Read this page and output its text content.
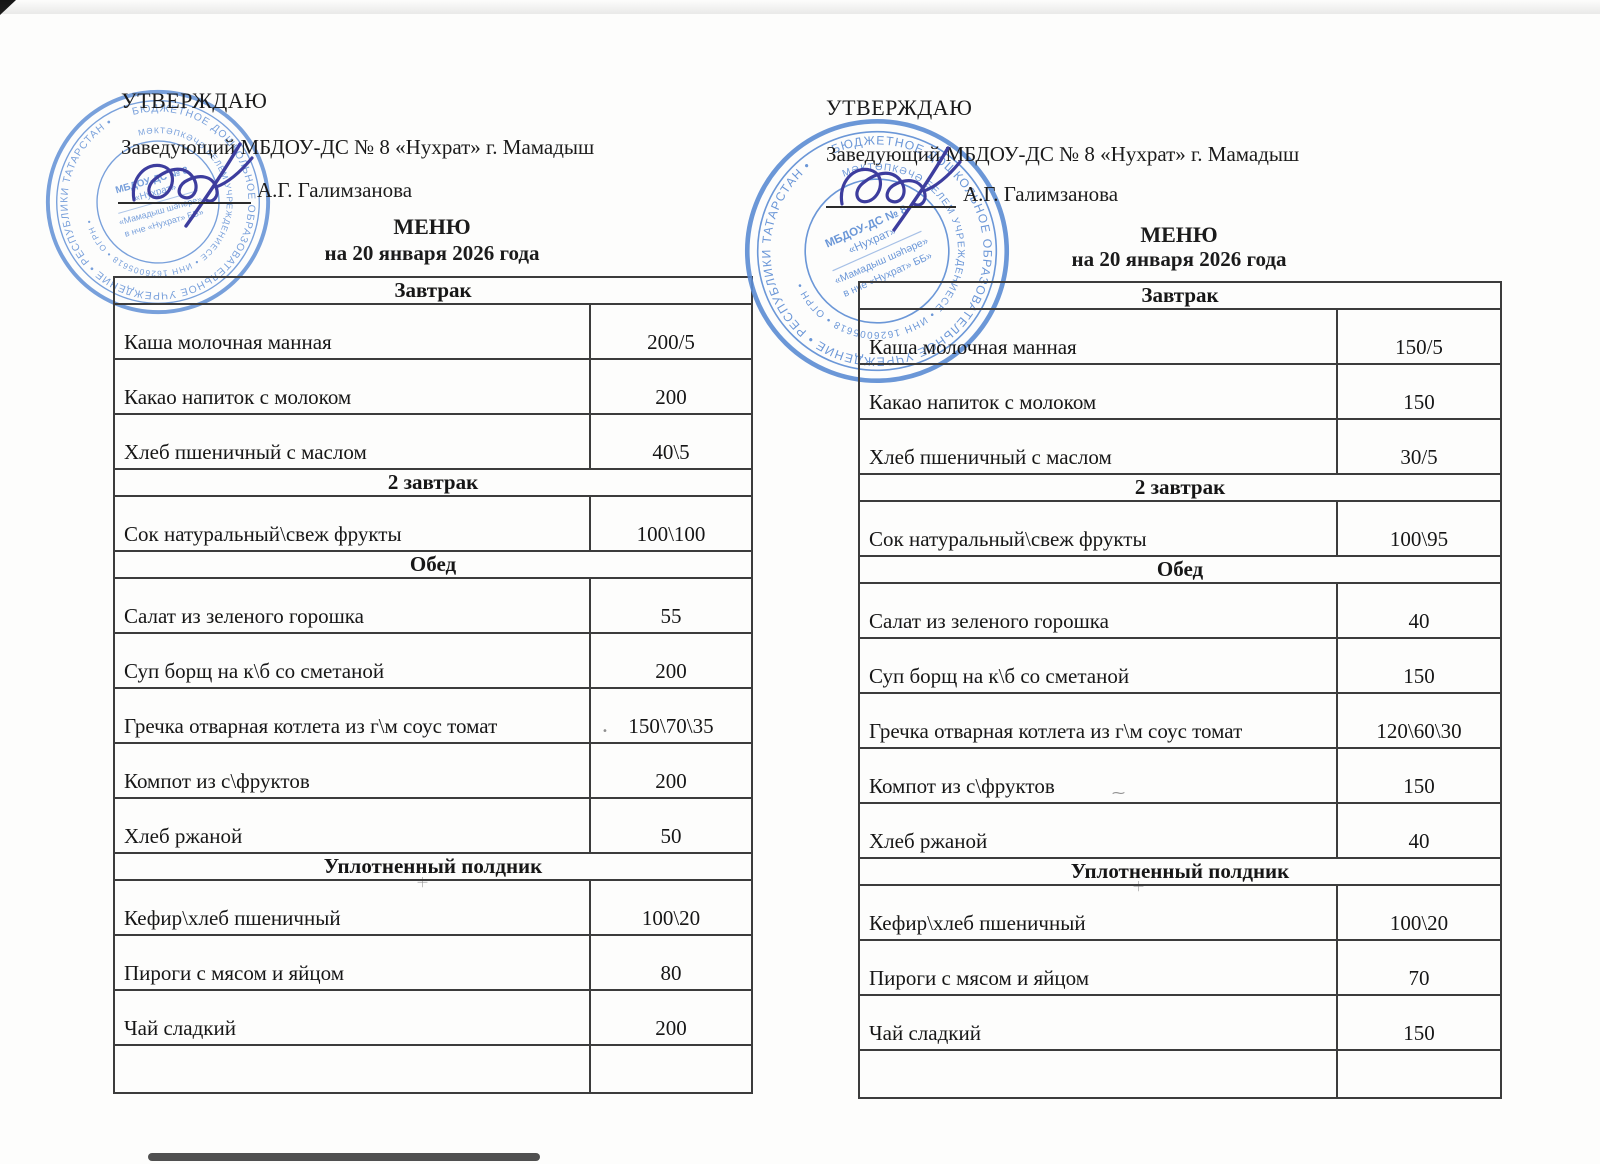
＋	＋
⁓
•
УТВЕРЖДАЮ
Заведующий МБДОУ-ДС № 8 «Нухрат» г. Мамадыш
А.Г. Галимзанова
МЕНЮ
на 20 января 2026 года
Завтрак	
Каша молочная манная	200/5
Какао напиток с молоком	200
Хлеб пшеничный с маслом	40\5
2 завтрак	
Сок натуральный\свеж фрукты	100\100
Обед	
Салат из зеленого горошка	55
Суп борщ на к\б со сметаной	200
Гречка отварная котлета из г\м соус томат	150\70\35
Компот из с\фруктов	200
Хлеб ржаной	50
Уплотненный полдник	
Кефир\хлеб пшеничный	100\20
Пироги с мясом и яйцом	80
Чай сладкий	200

УТВЕРЖДАЮ
Заведующий МБДОУ-ДС № 8 «Нухрат» г. Мамадыш
А.Г. Галимзанова
МЕНЮ
на 20 января 2026 года
Завтрак	
Каша молочная манная	150/5
Какао напиток с молоком	150
Хлеб пшеничный с маслом	30/5
2 завтрак	
Сок натуральный\свеж фрукты	100\95
Обед	
Салат из зеленого горошка	40
Суп борщ на к\б со сметаной	150
Гречка отварная котлета из г\м соус томат	120\60\30
Компот из с\фруктов	150
Хлеб ржаной	40
Уплотненный полдник	
Кефир\хлеб пшеничный	100\20
Пироги с мясом и яйцом	70
Чай сладкий	150
